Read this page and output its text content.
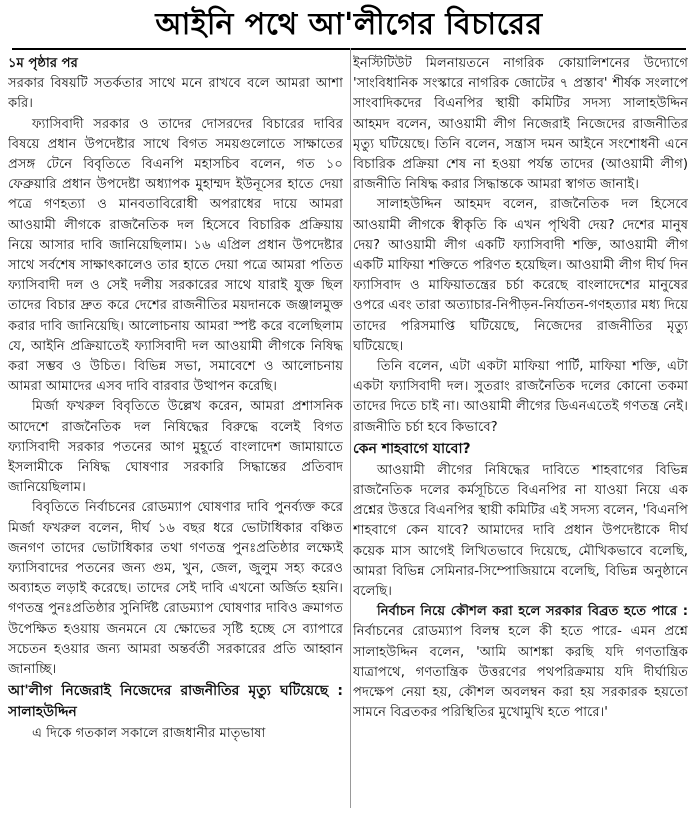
আইনি পথে আ'লীগের বিচারের

১ম পৃষ্ঠার পর

সরকার বিষয়টি সতর্কতার সাথে মনে রাখবে বলে আমরা আশা করি।

ফ্যাসিবাদী সরকার ও তাদের দোসরদের বিচারের দাবির বিষয়ে প্রধান উপদেষ্টার সাথে বিগত সময়গুলোতে সাক্ষাতের প্রসঙ্গ টেনে বিবৃতিতে বিএনপি মহাসচিব বলেন, গত ১০ ফেব্রুয়ারি প্রধান উপদেষ্টা অধ্যাপক মুহাম্মদ ইউনূসের হাতে দেয়া পত্রে গণহত্যা ও মানবতাবিরোধী অপরাধের দায়ে আমরা আওয়ামী লীগকে রাজনৈতিক দল হিসেবে বিচারিক প্রক্রিয়ায় নিয়ে আসার দাবি জানিয়েছিলাম। ১৬ এপ্রিল প্রধান উপদেষ্টার সাথে সর্বশেষ সাক্ষাৎকালেও তার হাতে দেয়া পত্রে আমরা পতিত ফ্যাসিবাদী দল ও সেই দলীয় সরকারের সাথে যারাই যুক্ত ছিল তাদের বিচার দ্রুত করে দেশের রাজনীতির ময়দানকে জঞ্জালমুক্ত করার দাবি জানিয়েছি। আলোচনায় আমরা স্পষ্ট করে বলেছিলাম যে, আইনি প্রক্রিয়াতেই ফ্যাসিবাদী দল আওয়ামী লীগকে নিষিদ্ধ করা সম্ভব ও উচিত। বিভিন্ন সভা, সমাবেশে ও আলোচনায় আমরা আমাদের এসব দাবি বারবার উত্থাপন করেছি।

মির্জা ফখরুল বিবৃতিতে উল্লেখ করেন, আমরা প্রশাসনিক আদেশে রাজনৈতিক দল নিষিদ্ধের বিরুদ্ধে বলেই বিগত ফ্যাসিবাদী সরকার পতনের আগ মুহূর্তে বাংলাদেশ জামায়াতে ইসলামীকে নিষিদ্ধ ঘোষণার সরকারি সিদ্ধান্তের প্রতিবাদ জানিয়েছিলাম।

বিবৃতিতে নির্বাচনের রোডম্যাপ ঘোষণার দাবি পুনর্ব্যক্ত করে মির্জা ফখরুল বলেন, দীর্ঘ ১৬ বছর ধরে ভোটাধিকার বঞ্চিত জনগণ তাদের ভোটাধিকার তথা গণতন্ত্র পুনঃপ্রতিষ্ঠার লক্ষ্যেই ফ্যাসিবাদের পতনের জন্য গুম, খুন, জেল, জুলুম সহ্য করেও অব্যাহত লড়াই করেছে। তাদের সেই দাবি এখনো অর্জিত হয়নি। গণতন্ত্র পুনঃপ্রতিষ্ঠার সুনির্দিষ্ট রোডম্যাপ ঘোষণার দাবিও ক্রমাগত উপেক্ষিত হওয়ায় জনমনে যে ক্ষোভের সৃষ্টি হচ্ছে সে ব্যাপারে সচেতন হওয়ার জন্য আমরা অন্তর্বর্তী সরকারের প্রতি আহ্বান জানাচ্ছি।

আ'লীগ নিজেরাই নিজেদের রাজনীতির মৃত্যু ঘটিয়েছে : সালাহউদ্দিন

এ দিকে গতকাল সকালে রাজধানীর মাতৃভাষা

ইনস্টিটিউট মিলনায়তনে নাগরিক কোয়ালিশনের উদ্যোগে 'সাংবিধানিক সংস্কারে নাগরিক জোটের ৭ প্রস্তাব' শীর্ষক সংলাপে সাংবাদিকদের বিএনপির স্থায়ী কমিটির সদস্য সালাহউদ্দিন আহমদ বলেন, আওয়ামী লীগ নিজেরাই নিজেদের রাজনীতির মৃত্যু ঘটিয়েছে। তিনি বলেন, সন্ত্রাস দমন আইনে সংশোধনী এনে বিচারিক প্রক্রিয়া শেষ না হওয়া পর্যন্ত তাদের (আওয়ামী লীগ) রাজনীতি নিষিদ্ধ করার সিদ্ধান্তকে আমরা স্বাগত জানাই।

সালাহউদ্দিন আহমদ বলেন, রাজনৈতিক দল হিসেবে আওয়ামী লীগকে স্বীকৃতি কি এখন পৃথিবী দেয়? দেশের মানুষ দেয়? আওয়ামী লীগ একটি ফ্যাসিবাদী শক্তি, আওয়ামী লীগ একটি মাফিয়া শক্তিতে পরিণত হয়েছিল। আওয়ামী লীগ দীর্ঘ দিন ফ্যাসিবাদ ও মাফিয়াতন্ত্রের চর্চা করেছে বাংলাদেশের মানুষের ওপরে এবং তারা অত্যাচার-নিপীড়ন-নির্যাতন-গণহত্যার মধ্য দিয়ে তাদের পরিসমাপ্তি ঘটিয়েছে, নিজেদের রাজনীতির মৃত্যু ঘটিয়েছে।

তিনি বলেন, এটা একটা মাফিয়া পার্টি, মাফিয়া শক্তি, এটা একটা ফ্যাসিবাদী দল। সুতরাং রাজনৈতিক দলের কোনো তকমা তাদের দিতে চাই না। আওয়ামী লীগের ডিএনএতেই গণতন্ত্র নেই। রাজনীতি চর্চা হবে কিভাবে?

কেন শাহবাগে যাবো?

আওয়ামী লীগের নিষিদ্ধের দাবিতে শাহবাগের বিভিন্ন রাজনৈতিক দলের কর্মসূচিতে বিএনপির না যাওয়া নিয়ে এক প্রশ্নের উত্তরে বিএনপির স্থায়ী কমিটির এই সদস্য বলেন, 'বিএনপি শাহবাগে কেন যাবে? আমাদের দাবি প্রধান উপদেষ্টাকে দীর্ঘ কয়েক মাস আগেই লিখিতভাবে দিয়েছে, মৌখিকভাবে বলেছি, আমরা বিভিন্ন সেমিনার-সিম্পোজিয়ামে বলেছি, বিভিন্ন অনুষ্ঠানে বলেছি।

নির্বাচন নিয়ে কৌশল করা হলে সরকার বিব্রত হতে পারে : নির্বাচনের রোডম্যাপ বিলম্ব হলে কী হতে পারে- এমন প্রশ্নে সালাহউদ্দিন বলেন, 'আমি আশঙ্কা করছি যদি গণতান্ত্রিক যাত্রাপথে, গণতান্ত্রিক উত্তরণের পথপরিক্রমায় যদি দীর্ঘায়িত পদক্ষেপ নেয়া হয়, কৌশল অবলম্বন করা হয় সরকারক হয়তো সামনে বিব্রতকর পরিস্থিতির মুখোমুখি হতে পারে।'
